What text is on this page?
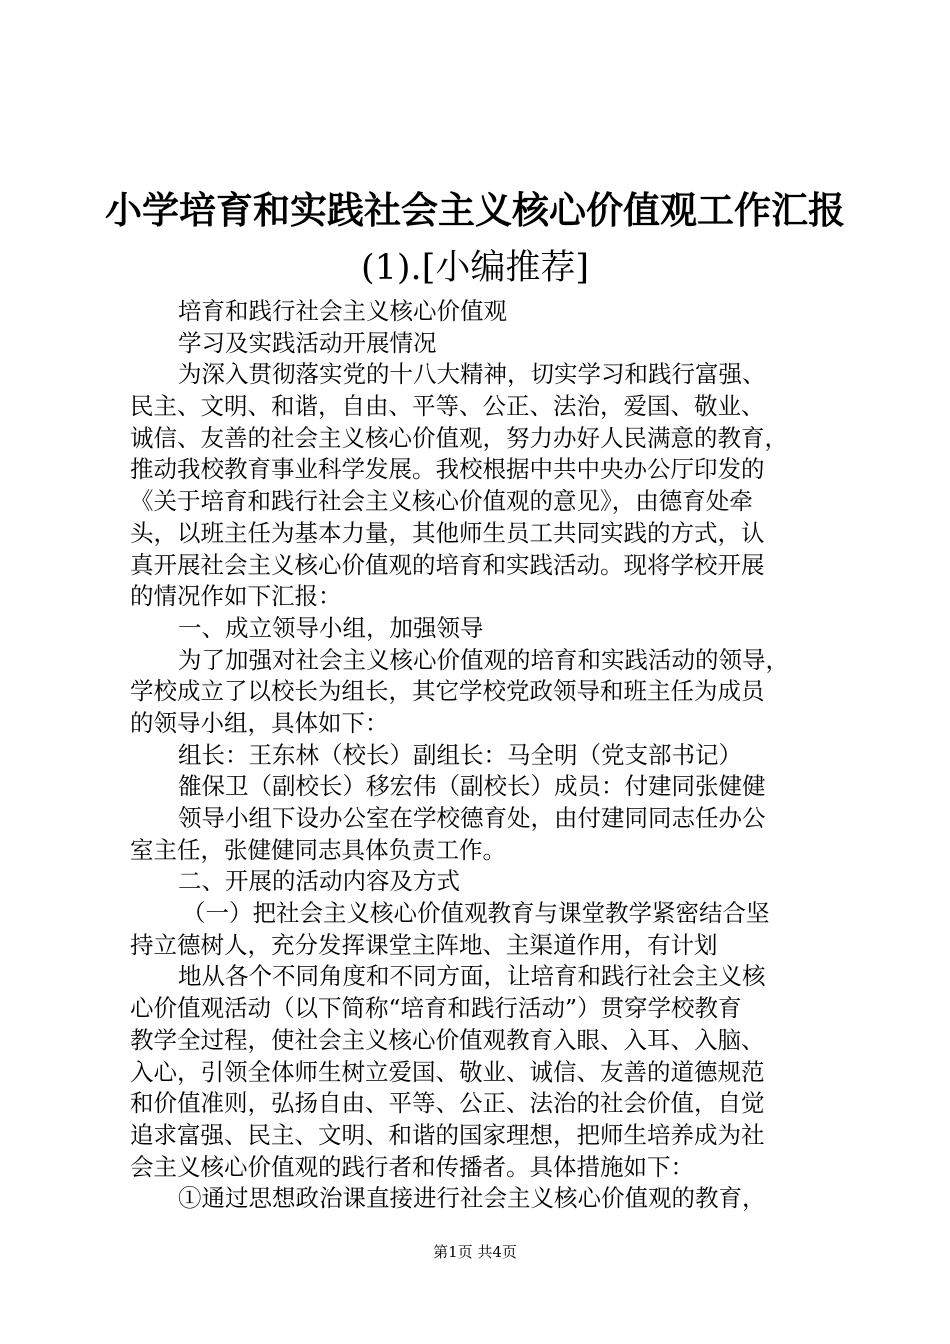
小学培育和实践社会主义核心价值观工作汇报
(1).[小编推荐]
培育和践行社会主义核心价值观
学习及实践活动开展情况
为深入贯彻落实党的十八大精神，切实学习和践行富强、
民主、文明、和谐，自由、平等、公正、法治，爱国、敬业、
诚信、友善的社会主义核心价值观，努力办好人民满意的教育，
推动我校教育事业科学发展。我校根据中共中央办公厅印发的
《关于培育和践行社会主义核心价值观的意见》，由德育处牵
头，以班主任为基本力量，其他师生员工共同实践的方式，认
真开展社会主义核心价值观的培育和实践活动。现将学校开展
的情况作如下汇报：
一、成立领导小组，加强领导
为了加强对社会主义核心价值观的培育和实践活动的领导，
学校成立了以校长为组长，其它学校党政领导和班主任为成员
的领导小组，具体如下：
组长：王东林（校长）副组长：马全明（党支部书记）
雒保卫（副校长）移宏伟（副校长）成员：付建同张健健
领导小组下设办公室在学校德育处，由付建同同志任办公
室主任，张健健同志具体负责工作。
二、开展的活动内容及方式
（一）把社会主义核心价值观教育与课堂教学紧密结合坚
持立德树人，充分发挥课堂主阵地、主渠道作用，有计划
地从各个不同角度和不同方面，让培育和践行社会主义核
心价值观活动（以下简称“培育和践行活动”）贯穿学校教育
教学全过程，使社会主义核心价值观教育入眼、入耳、入脑、
入心，引领全体师生树立爱国、敬业、诚信、友善的道德规范
和价值准则，弘扬自由、平等、公正、法治的社会价值，自觉
追求富强、民主、文明、和谐的国家理想，把师生培养成为社
会主义核心价值观的践行者和传播者。具体措施如下：
①通过思想政治课直接进行社会主义核心价值观的教育，
第1页 共4页
